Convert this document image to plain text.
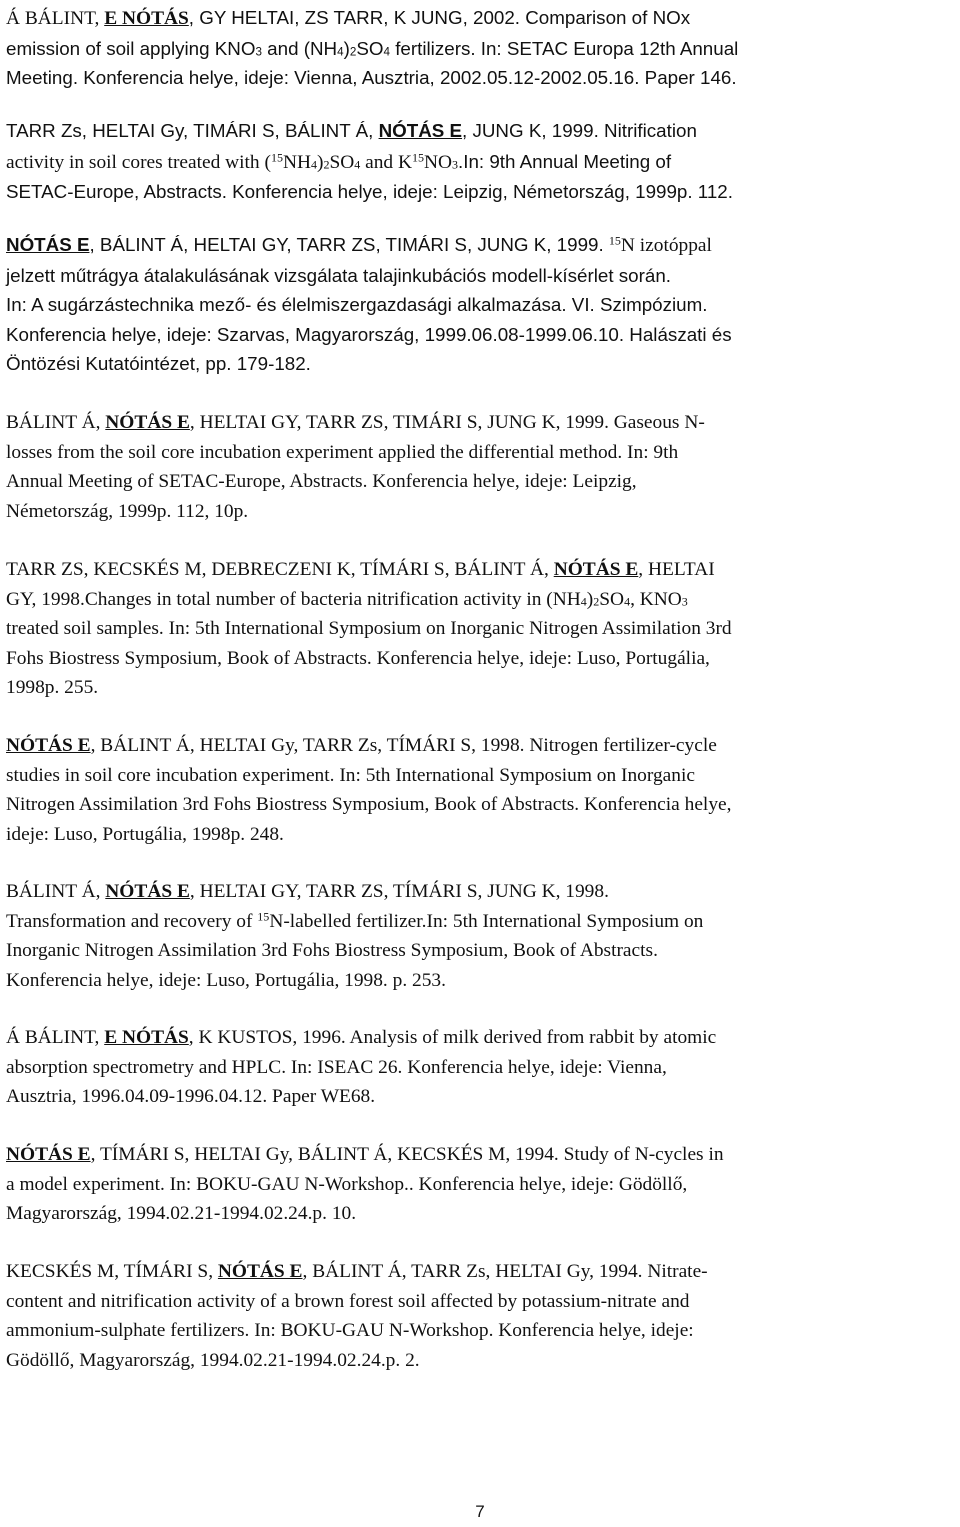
Á BÁLINT, E NÓTÁS, GY HELTAI, ZS TARR, K JUNG, 2002. Comparison of NOx

emission of soil applying $KNO_3$ and $(NH_4)_2SO_4$ fertilizers. In: SETAC Europa 12th Annual

Meeting. Konferencia helye, ideje: Vienna, Ausztria, 2002.05.12-2002.05.16. Paper 146.

TARR Zs, HELTAI Gy, TIMÁRI S, BÁLINT Á, NÓTÁS E, JUNG K, 1999. Nitrification

activity in soil cores treated with $(^{15}NH_4)_2SO_4$ and $K^{15}NO_3.In$: 9th Annual Meeting of

SETAC-Europe, Abstracts. Konferencia helye, ideje: Leipzig, Németország, 1999p. 112.

NÓTÁS E, BÁLINT Á, HELTAI GY, TARR ZS, TIMÁRI S, JUNG K, 1999. $^{15}$N izotóppal

jelzett műtrágya átalakulásának vizsgálata talajinkubációs modell-kísérlet során.

In: A sugárzástechnika mező- és élelmiszergazdasági alkalmazása. VI. Szimpózium.

Konferencia helye, ideje: Szarvas, Magyarország, 1999.06.08-1999.06.10. Halászati és

Öntözési Kutatóintézet, pp. 179-182.

BÁLINT Á, NÓTÁS E, HELTAI GY, TARR ZS, TIMÁRI S, JUNG K, 1999. Gaseous N-

losses from the soil core incubation experiment applied the differential method. In: 9th

Annual Meeting of SETAC-Europe, Abstracts. Konferencia helye, ideje: Leipzig,

Németország, 1999p. 112, 10p.

TARR ZS, KECSKÉS M, DEBRECZENI K, TÍMÁRI S, BÁLINT Á, NÓTÁS E, HELTAI

GY, 1998.Changes in total number of bacteria nitrification activity in $(NH_4)_2SO_4$, $KNO_3$

treated soil samples. In: 5th International Symposium on Inorganic Nitrogen Assimilation 3rd

Fohs Biostress Symposium, Book of Abstracts. Konferencia helye, ideje: Luso, Portugália,

1998p. 255.

NÓTÁS E, BÁLINT Á, HELTAI Gy, TARR Zs, TÍMÁRI S, 1998. Nitrogen fertilizer-cycle

studies in soil core incubation experiment. In: 5th International Symposium on Inorganic

Nitrogen Assimilation 3rd Fohs Biostress Symposium, Book of Abstracts. Konferencia helye,

ideje: Luso, Portugália, 1998p. 248.

BÁLINT Á, NÓTÁS E, HELTAI GY, TARR ZS, TÍMÁRI S, JUNG K, 1998.

Transformation and recovery of $^{15}$N-labelled fertilizer.In: 5th International Symposium on

Inorganic Nitrogen Assimilation 3rd Fohs Biostress Symposium, Book of Abstracts.

Konferencia helye, ideje: Luso, Portugália, 1998. p. 253.

Á BÁLINT, E NÓTÁS, K KUSTOS, 1996. Analysis of milk derived from rabbit by atomic

absorption spectrometry and HPLC. In: ISEAC 26. Konferencia helye, ideje: Vienna,

Ausztria, 1996.04.09-1996.04.12. Paper WE68.

NÓTÁS E, TÍMÁRI S, HELTAI Gy, BÁLINT Á, KECSKÉS M, 1994. Study of N-cycles in

a model experiment. In: BOKU-GAU N-Workshop.. Konferencia helye, ideje: Gödöllő,

Magyarország, 1994.02.21-1994.02.24.p. 10.

KECSKÉS M, TÍMÁRI S, NÓTÁS E, BÁLINT Á, TARR Zs, HELTAI Gy, 1994. Nitrate-

content and nitrification activity of a brown forest soil affected by potassium-nitrate and

ammonium-sulphate fertilizers. In: BOKU-GAU N-Workshop. Konferencia helye, ideje:

Gödöllő, Magyarország, 1994.02.21-1994.02.24.p. 2.

7
